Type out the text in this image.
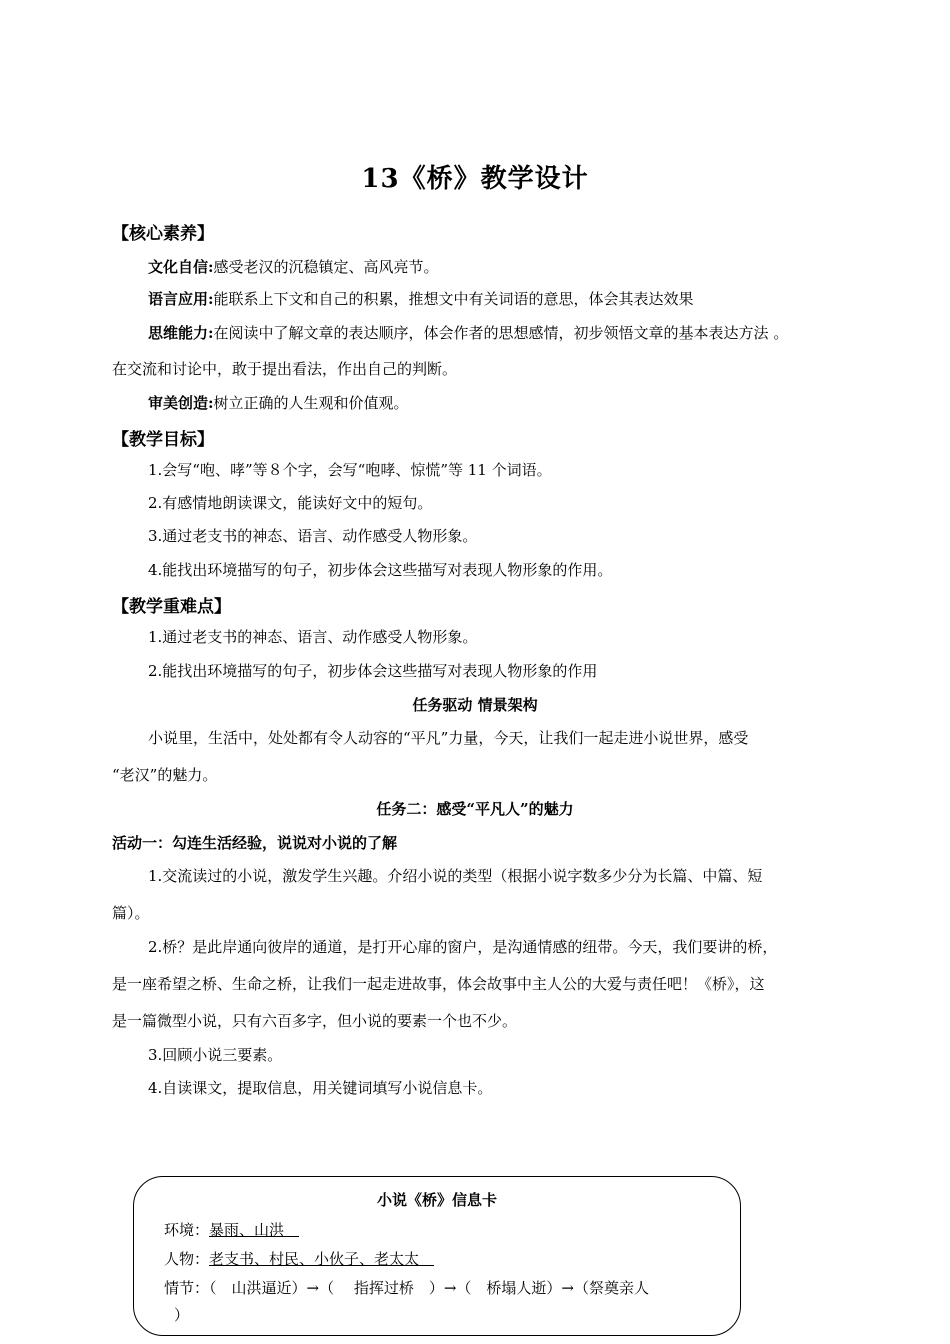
13《桥》教学设计
【核心素养】
文化自信:感受老汉的沉稳镇定、高风亮节。
语言应用:能联系上下文和自己的积累，推想文中有关词语的意思，体会其表达效果
思维能力:在阅读中了解文章的表达顺序，体会作者的思想感情，初步领悟文章的基本表达方法 。
在交流和讨论中，敢于提出看法，作出自己的判断。
审美创造:树立正确的人生观和价值观。
【教学目标】
1.会写“咆、哮”等８个字，会写“咆哮、惊慌”等 11 个词语。
2.有感情地朗读课文，能读好文中的短句。
3.通过老支书的神态、语言、动作感受人物形象。
4.能找出环境描写的句子，初步体会这些描写对表现人物形象的作用。
【教学重难点】
1.通过老支书的神态、语言、动作感受人物形象。
2.能找出环境描写的句子，初步体会这些描写对表现人物形象的作用
任务驱动 情景架构
小说里，生活中，处处都有令人动容的“平凡”力量，今天，让我们一起走进小说世界，感受
“老汉”的魅力。
任务二：感受“平凡人”的魅力
活动一：勾连生活经验，说说对小说的了解
1.交流读过的小说，激发学生兴趣。介绍小说的类型（根据小说字数多少分为长篇、中篇、短
篇）。
2.桥？是此岸通向彼岸的通道，是打开心扉的窗户，是沟通情感的纽带。今天，我们要讲的桥，
是一座希望之桥、生命之桥，让我们一起走进故事，体会故事中主人公的大爱与责任吧！《桥》，这
是一篇微型小说，只有六百多字，但小说的要素一个也不少。
3.回顾小说三要素。
4.自读课文，提取信息，用关键词填写小说信息卡。
小说《桥》信息卡
环境：暴雨、山洪　
人物：老支书、村民、小伙子、老太太　
情节：（　山洪逼近）→（　 指挥过桥　）→（　桥塌人逝）→（祭奠亲人
）
